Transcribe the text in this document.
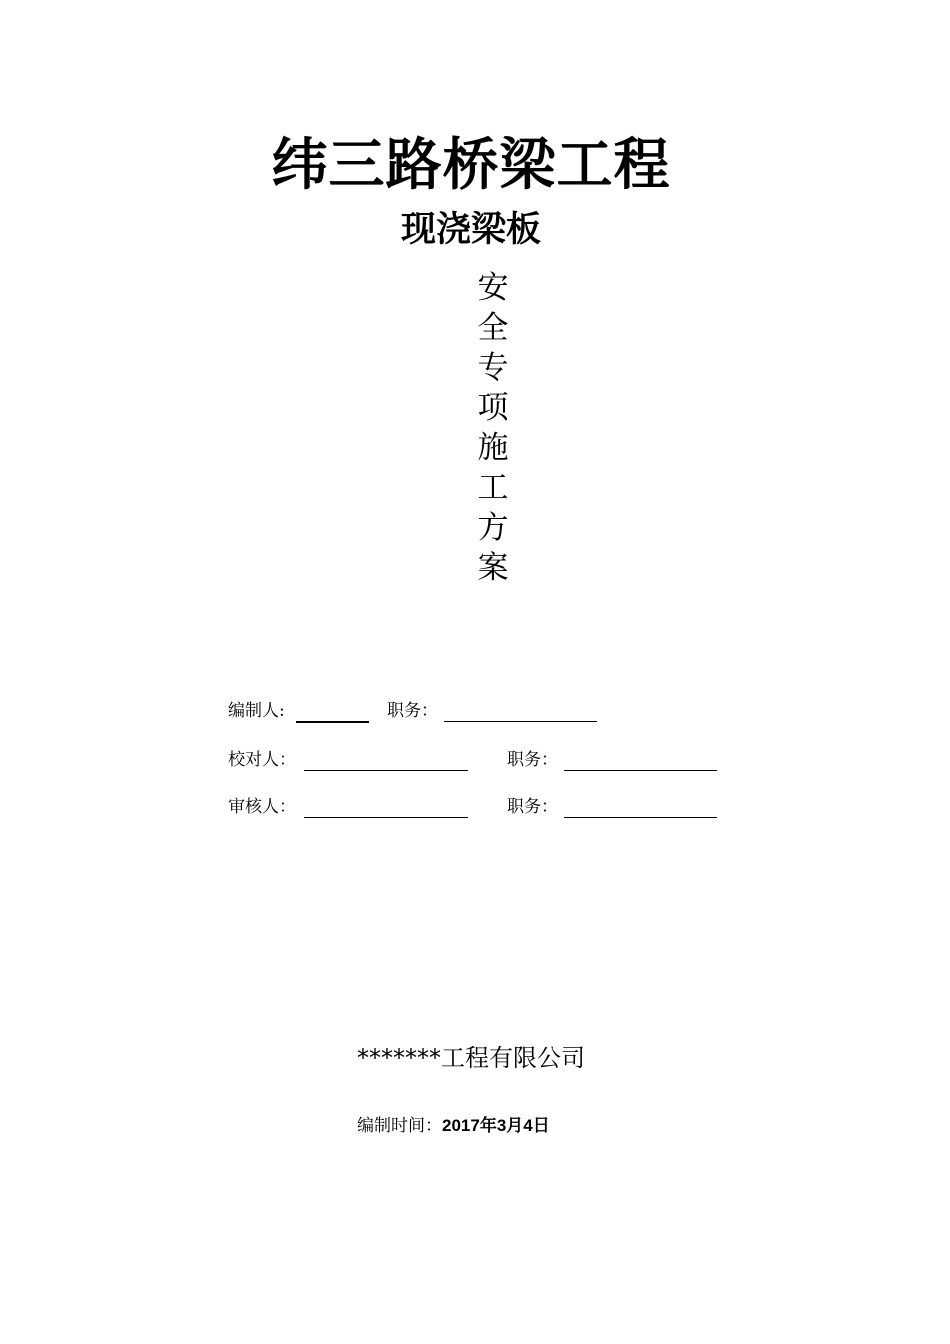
纬三路桥梁工程
现浇梁板
安全专项施工方案
编制人:	职务：
校对人：	职务：
审核人：	职务：
*******工程有限公司
编制时间：2017年3月4日
